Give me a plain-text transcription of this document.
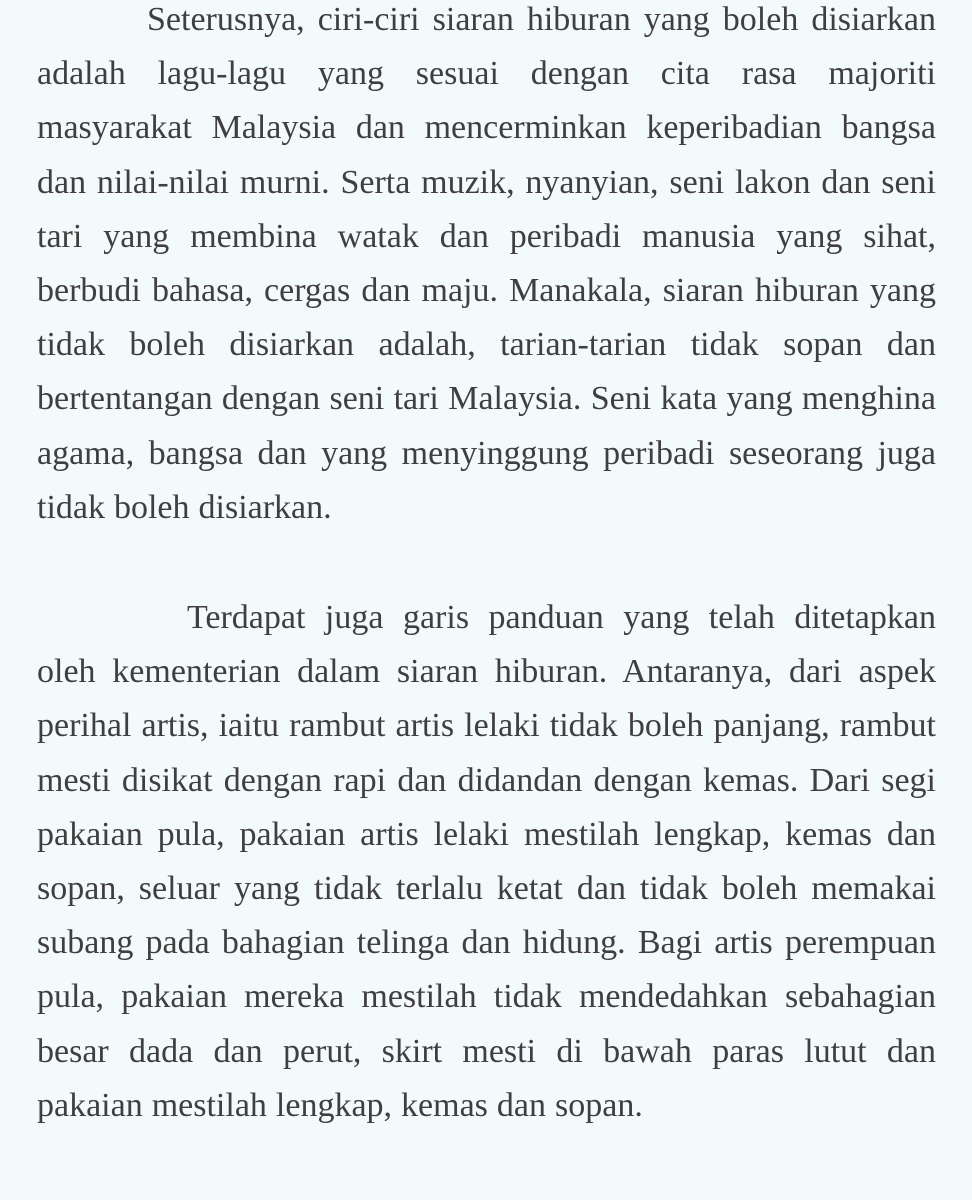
Seterusnya, ciri-ciri siaran hiburan yang boleh disiarkan adalah lagu-lagu yang sesuai dengan cita rasa majoriti masyarakat Malaysia dan mencerminkan keperibadian bangsa dan nilai-nilai murni. Serta muzik, nyanyian, seni lakon dan seni tari yang membina watak dan peribadi manusia yang sihat, berbudi bahasa, cergas dan maju. Manakala, siaran hiburan yang tidak boleh disiarkan adalah, tarian-tarian tidak sopan dan bertentangan dengan seni tari Malaysia. Seni kata yang menghina agama, bangsa dan yang menyinggung peribadi seseorang juga tidak boleh disiarkan.

Terdapat juga garis panduan yang telah ditetapkan oleh kementerian dalam siaran hiburan. Antaranya, dari aspek perihal artis, iaitu rambut artis lelaki tidak boleh panjang, rambut mesti disikat dengan rapi dan didandan dengan kemas. Dari segi pakaian pula, pakaian artis lelaki mestilah lengkap, kemas dan sopan, seluar yang tidak terlalu ketat dan tidak boleh memakai subang pada bahagian telinga dan hidung. Bagi artis perempuan pula, pakaian mereka mestilah tidak mendedahkan sebahagian besar dada dan perut, skirt mesti di bawah paras lutut dan pakaian mestilah lengkap, kemas dan sopan.
